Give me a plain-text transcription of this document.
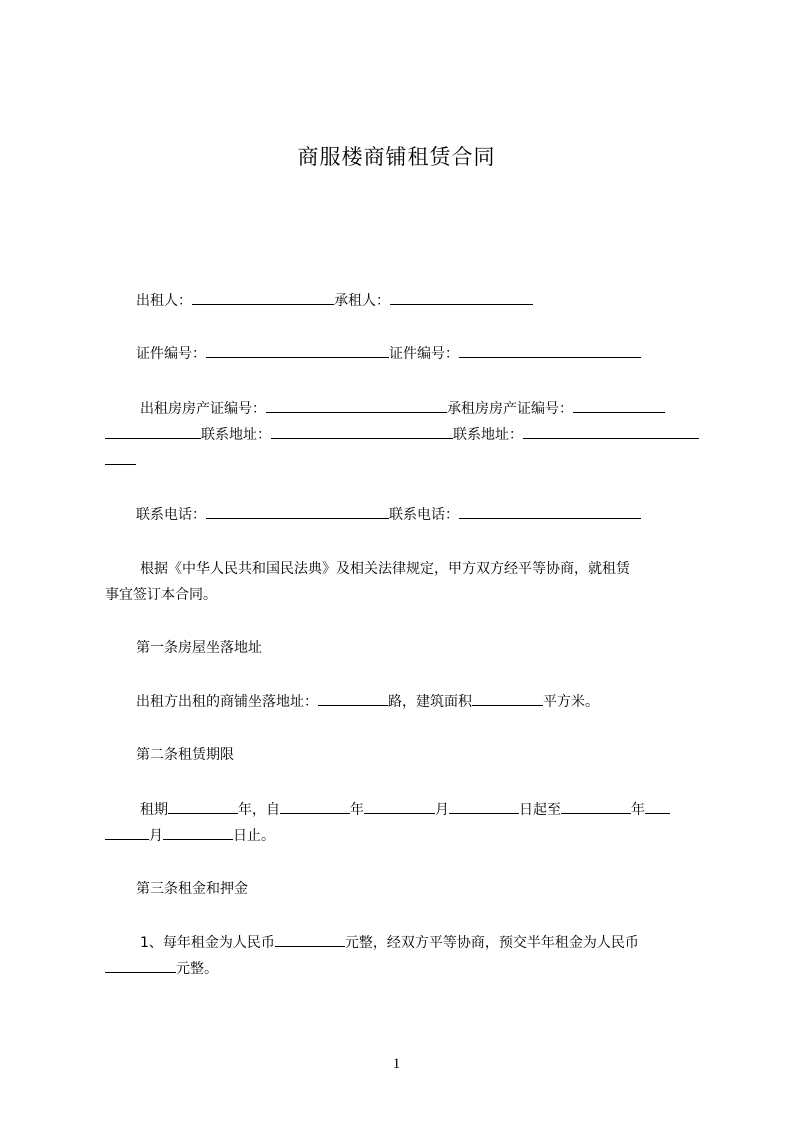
商服楼商铺租赁合同
出租人：	承租人：
证件编号：	证件编号：
出租房房产证编号：	承租房房产证编号：
联系地址：	联系地址：
联系电话：	联系电话：
根据《中华人民共和国民法典》及相关法律规定，甲方双方经平等协商，就租赁
事宜签订本合同。
第一条房屋坐落地址
出租方出租的商铺坐落地址：	路，建筑面积	平方米。
第二条租赁期限
租期	年，自	年	月	日起至	年
月	日止。
第三条租金和押金
1、每年租金为人民币	元整，经双方平等协商，预交半年租金为人民币
元整。
1
